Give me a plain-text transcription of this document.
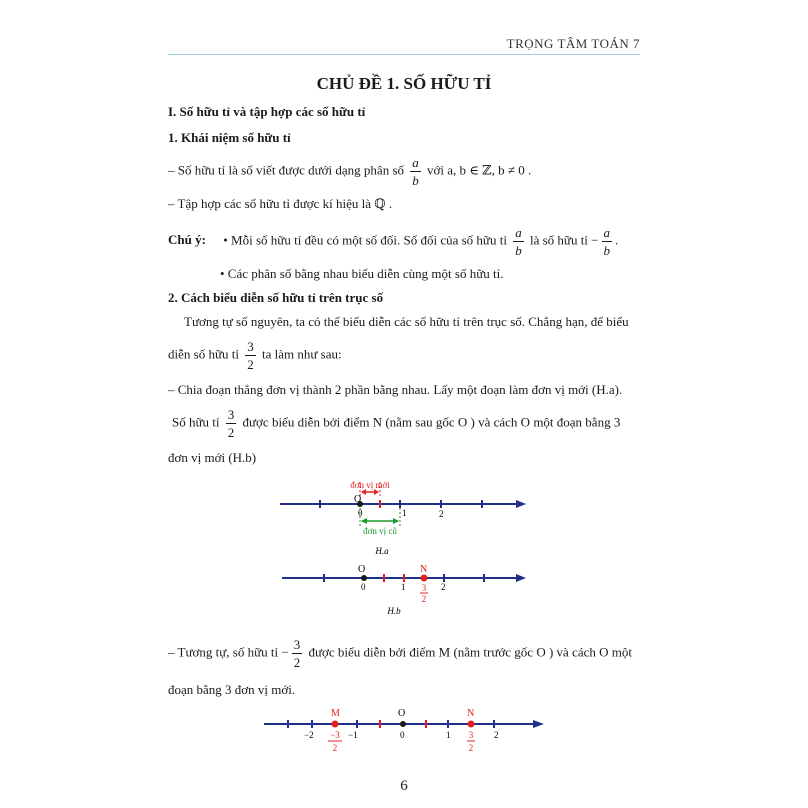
TRỌNG TÂM TOÁN 7
CHỦ ĐỀ 1. SỐ HỮU TỈ
I. Số hữu tỉ và tập hợp các số hữu tỉ
1. Khái niệm số hữu tỉ
– Số hữu tỉ là số viết được dưới dạng phân số $\frac{a}{b}$ với a, b ∈ ℤ, b ≠ 0 .
– Tập hợp các số hữu tỉ được kí hiệu là ℚ .
Chú ý: • Mỗi số hữu tỉ đều có một số đối. Số đối của số hữu tỉ $\frac{a}{b}$ là số hữu tỉ − $\frac{a}{b}$ .
• Các phân số bằng nhau biểu diễn cùng một số hữu tỉ.
2. Cách biểu diễn số hữu tỉ trên trục số
Tương tự số nguyên, ta có thể biểu diễn các số hữu tỉ trên trục số. Chẳng hạn, để biểu
diễn số hữu tỉ $\frac{3}{2}$ ta làm như sau:
– Chia đoạn thẳng đơn vị thành 2 phần bằng nhau. Lấy một đoạn làm đơn vị mới (H.a).
Số hữu tỉ $\frac{3}{2}$ được biểu diễn bởi điểm N (nằm sau gốc O ) và cách O một đoạn bằng 3
đơn vị mới (H.b)
đơn vị mới
đơn vị cũ
O
0	1	2
H.a
O	N
0	1	2
3
2
H.b
– Tương tự, số hữu tỉ − $\frac{3}{2}$ được biểu diễn bởi điểm M (nằm trước gốc O ) và cách O một
đoạn bằng 3 đơn vị mới.
M	O	N
−2	−1	0	1	2
−3
2
3
2
6
